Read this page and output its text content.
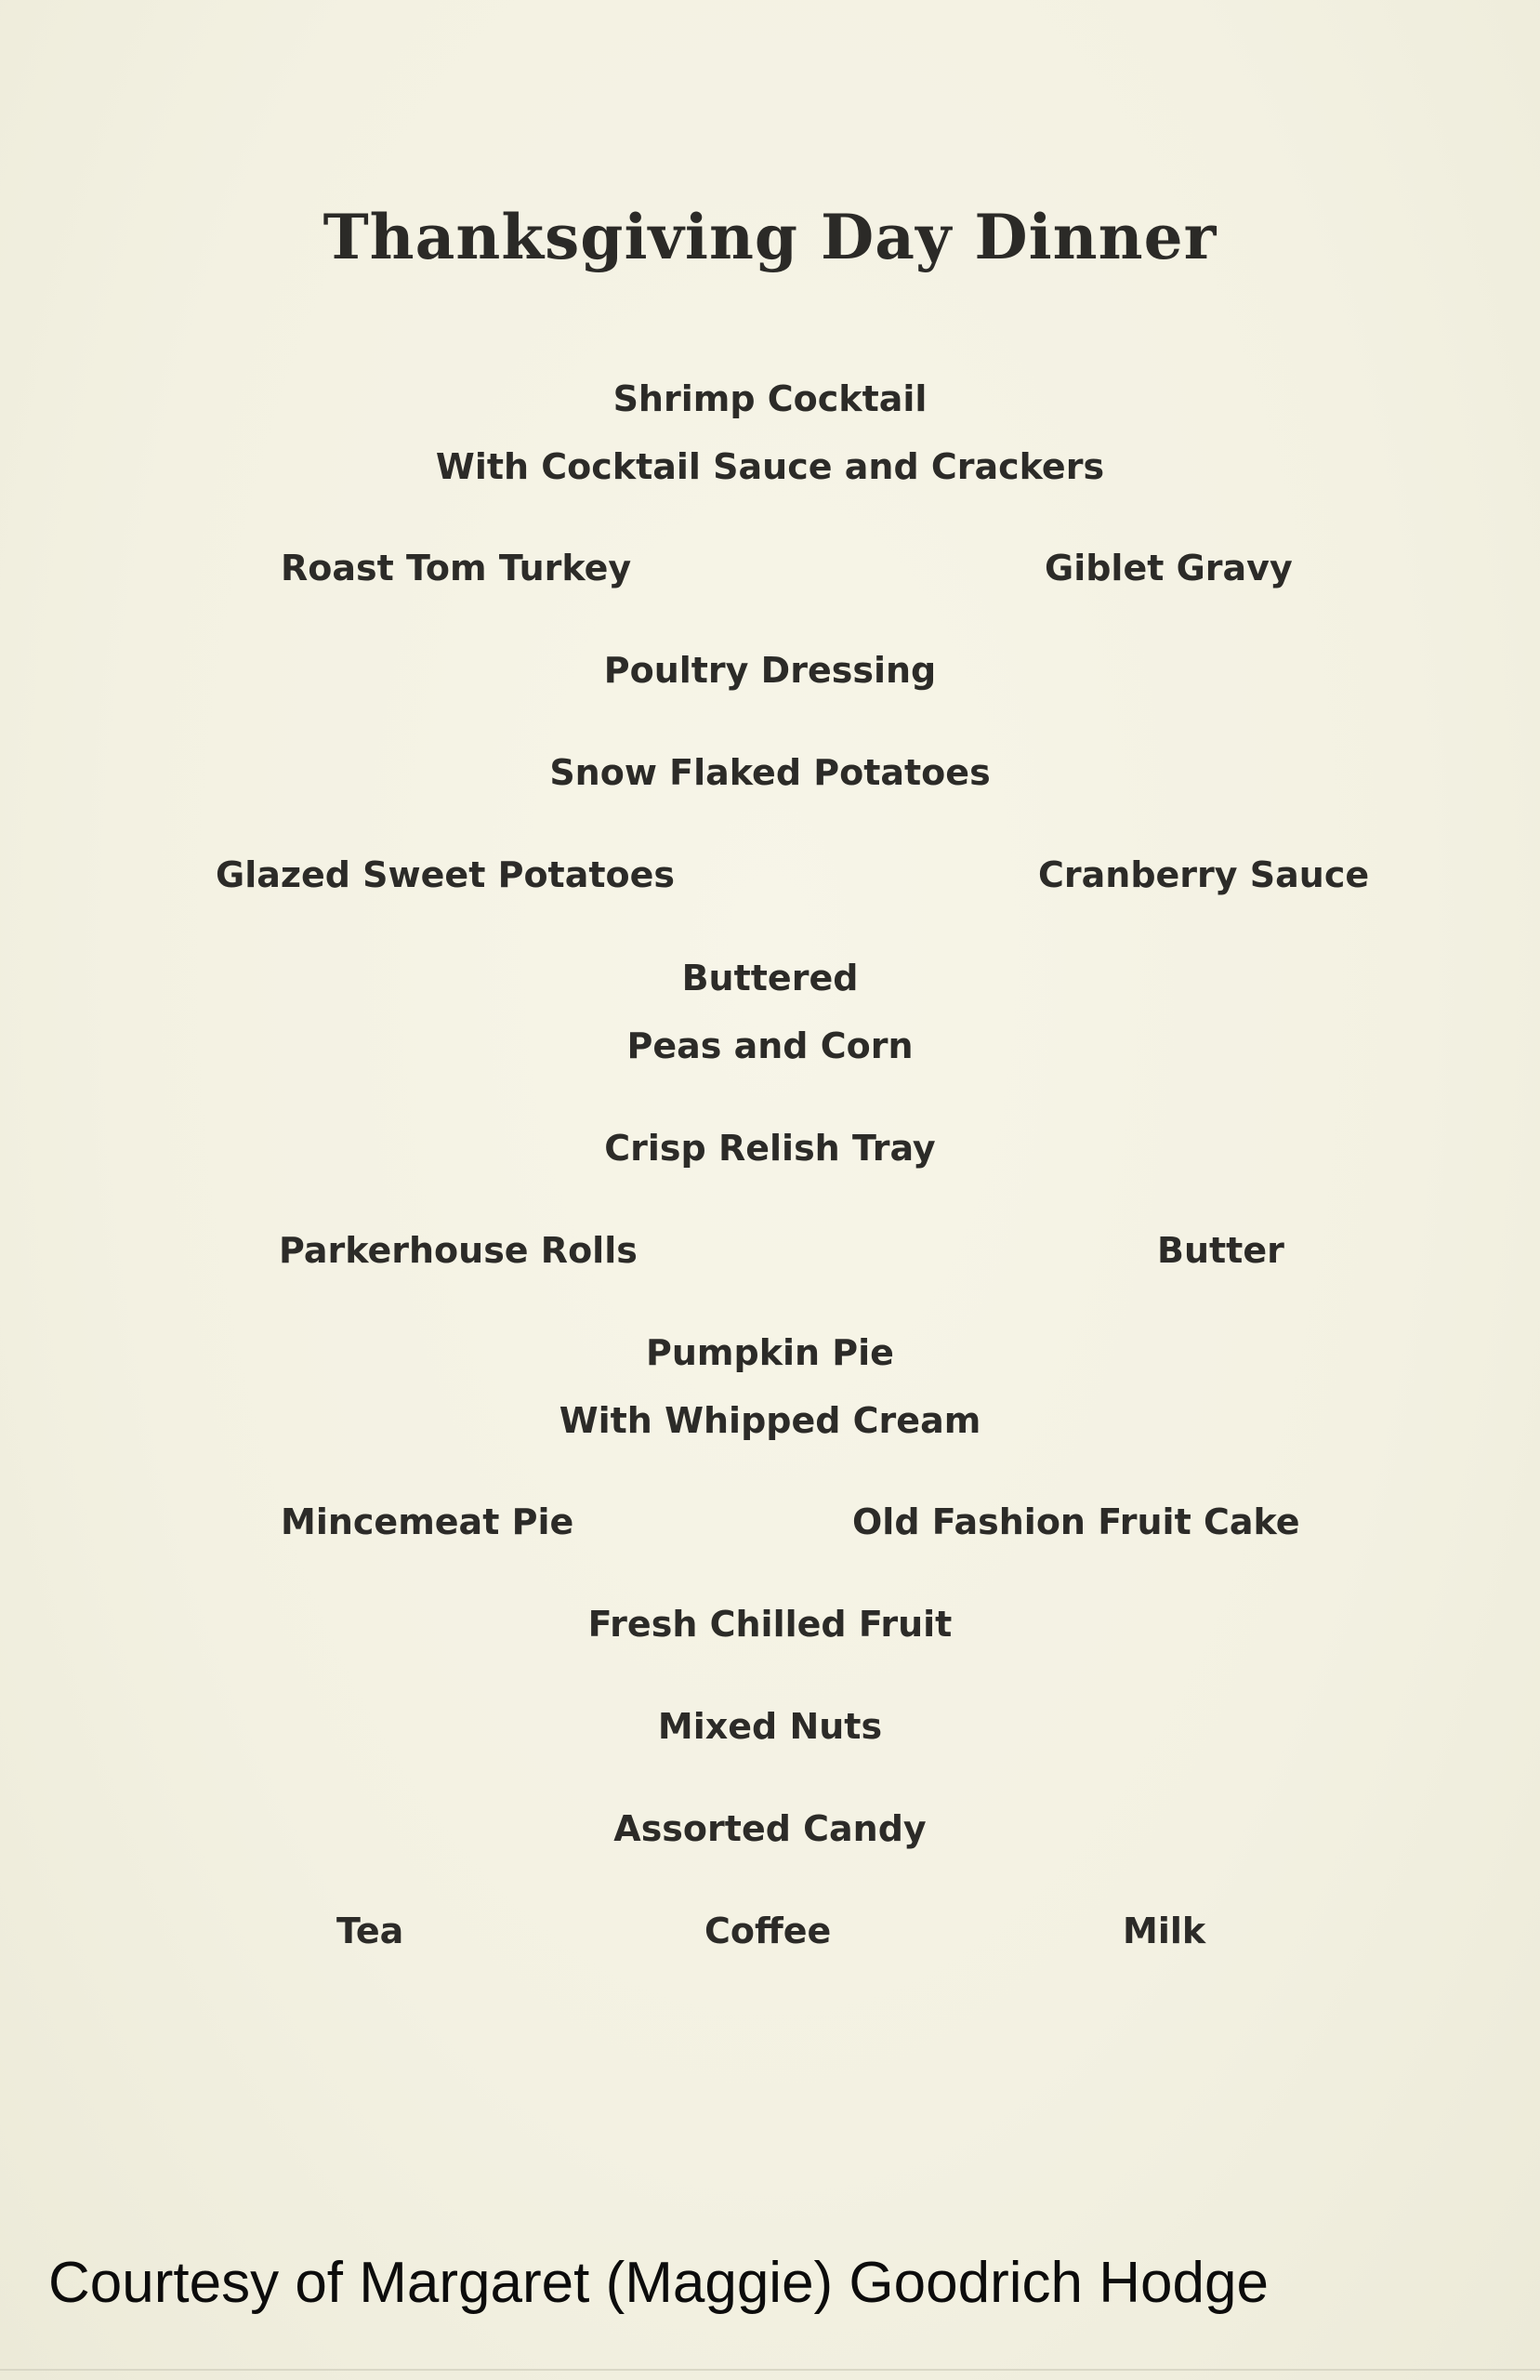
Thanksgiving Day Dinner
Shrimp Cocktail
With Cocktail Sauce and Crackers
Roast Tom Turkey	Giblet Gravy
Poultry Dressing
Snow Flaked Potatoes
Glazed Sweet Potatoes	Cranberry Sauce
Buttered
Peas and Corn
Crisp Relish Tray
Parkerhouse Rolls	Butter
Pumpkin Pie
With Whipped Cream
Mincemeat Pie	Old Fashion Fruit Cake
Fresh Chilled Fruit
Mixed Nuts
Assorted Candy
Tea	Coffee	Milk
Courtesy of Margaret (Maggie) Goodrich Hodge
